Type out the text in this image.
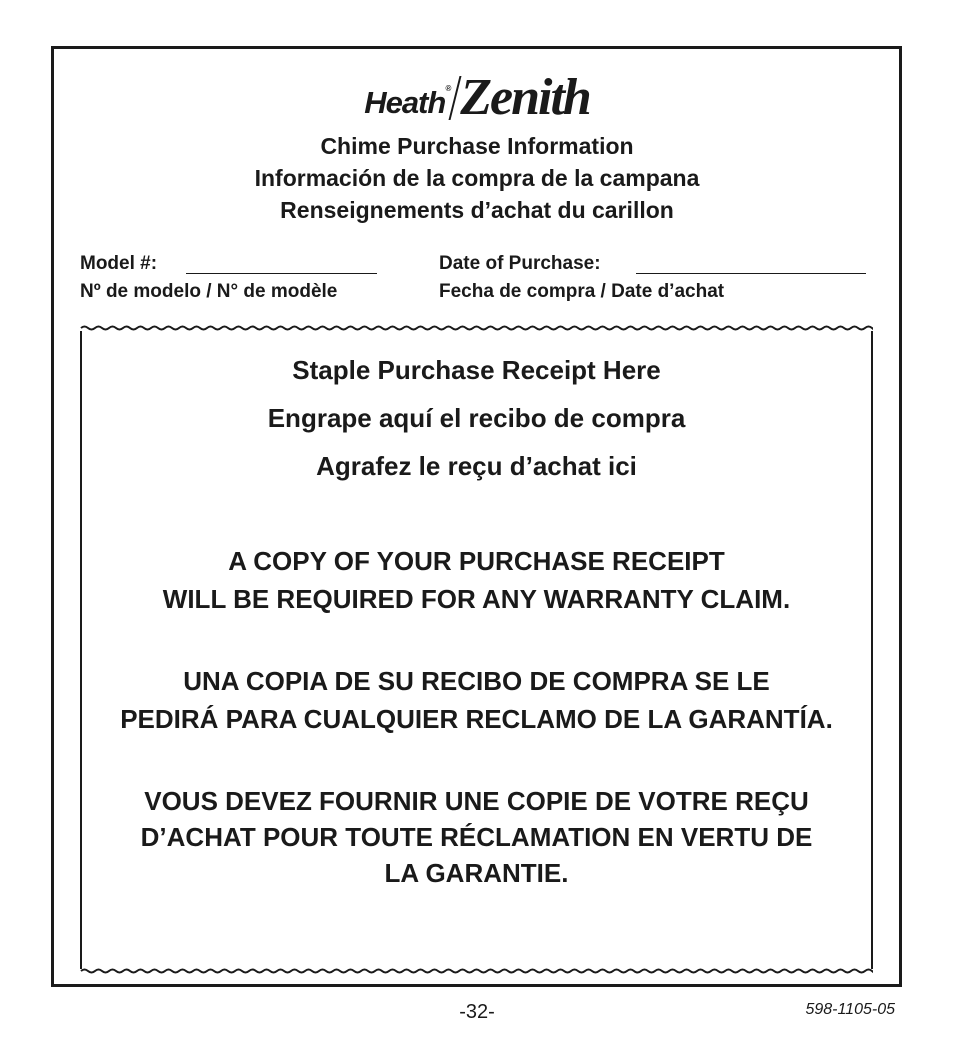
Heath® Zenith
Chime Purchase Information
Información de la compra de la campana
Renseignements d’achat du carillon
Model #:
Nº de modelo / N° de modèle
Date of Purchase:
Fecha de compra / Date d’achat
Staple Purchase Receipt Here
Engrape aquí el recibo de compra
Agrafez le reçu d’achat ici
A COPY OF YOUR PURCHASE RECEIPT
WILL BE REQUIRED FOR ANY WARRANTY CLAIM.
UNA COPIA DE SU RECIBO DE COMPRA SE LE
PEDIRÁ PARA CUALQUIER RECLAMO DE LA GARANTÍA.
VOUS DEVEZ FOURNIR UNE COPIE DE VOTRE REÇU
D’ACHAT POUR TOUTE RÉCLAMATION EN VERTU DE
LA GARANTIE.
-32-	598-1105-05
